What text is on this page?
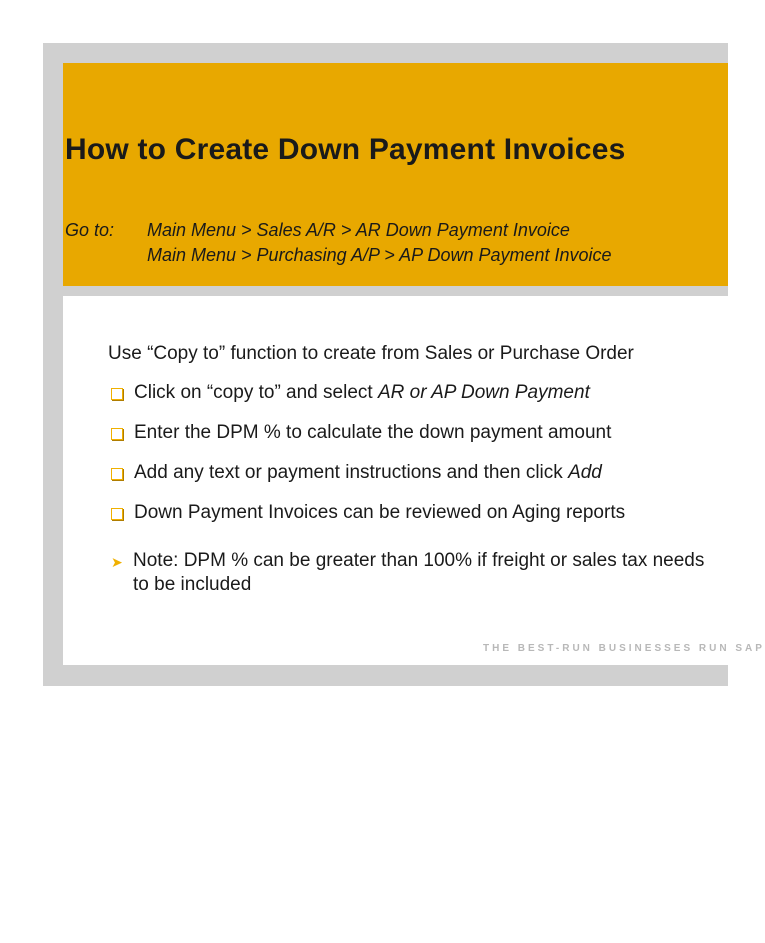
How to Create Down Payment Invoices
Go to: Main Menu > Sales A/R > AR Down Payment Invoice
Main Menu > Purchasing A/P > AP Down Payment Invoice
Use “Copy to” function to create from Sales or Purchase Order
Click on “copy to” and select AR or AP Down Payment
Enter the DPM % to calculate the down payment amount
Add any text or payment instructions and then click Add
Down Payment Invoices can be reviewed on Aging reports
➤ Note: DPM % can be greater than 100% if freight or sales tax needs
to be included
THE BEST-RUN BUSINESSES RUN SAP
